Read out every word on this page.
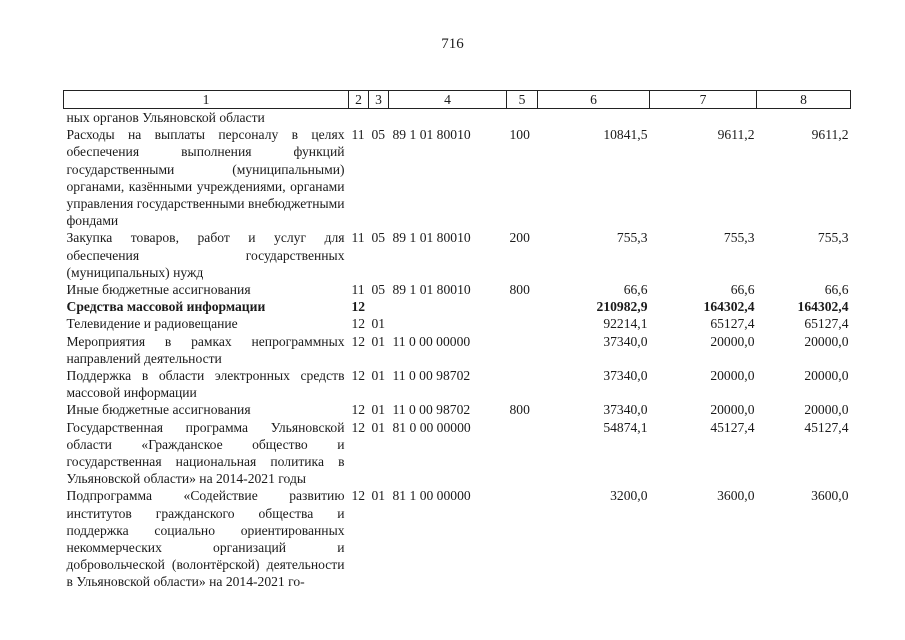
716
1	2	3	4	5	6	7	8
ных органов Ульяновской области							
Расходы на выплаты персоналу в целях обеспечения выполнения функций государственными (муниципальными) органами, казёнными учреждениями, органами управления государственными внебюджетными фондами	11	05	89 1 01 80010	100	10841,5	9611,2	9611,2
Закупка товаров, работ и услуг для обеспечения государственных (муниципальных) нужд	11	05	89 1 01 80010	200	755,3	755,3	755,3
Иные бюджетные ассигнования	11	05	89 1 01 80010	800	66,6	66,6	66,6
Средства массовой информации	12				210982,9	164302,4	164302,4
Телевидение и радиовещание	12	01			92214,1	65127,4	65127,4
Мероприятия в рамках непрограммных направлений деятельности	12	01	11 0 00 00000		37340,0	20000,0	20000,0
Поддержка в области электронных средств массовой информации	12	01	11 0 00 98702		37340,0	20000,0	20000,0
Иные бюджетные ассигнования	12	01	11 0 00 98702	800	37340,0	20000,0	20000,0
Государственная программа Ульяновской области «Гражданское общество и государственная национальная политика в Ульяновской области» на 2014-2021 годы	12	01	81 0 00 00000		54874,1	45127,4	45127,4
Подпрограмма «Содействие развитию институтов гражданского общества и поддержка социально ориентированных некоммерческих организаций и добровольческой (волонтёрской) деятельности в Ульяновской области» на 2014-2021 го-	12	01	81 1 00 00000		3200,0	3600,0	3600,0
